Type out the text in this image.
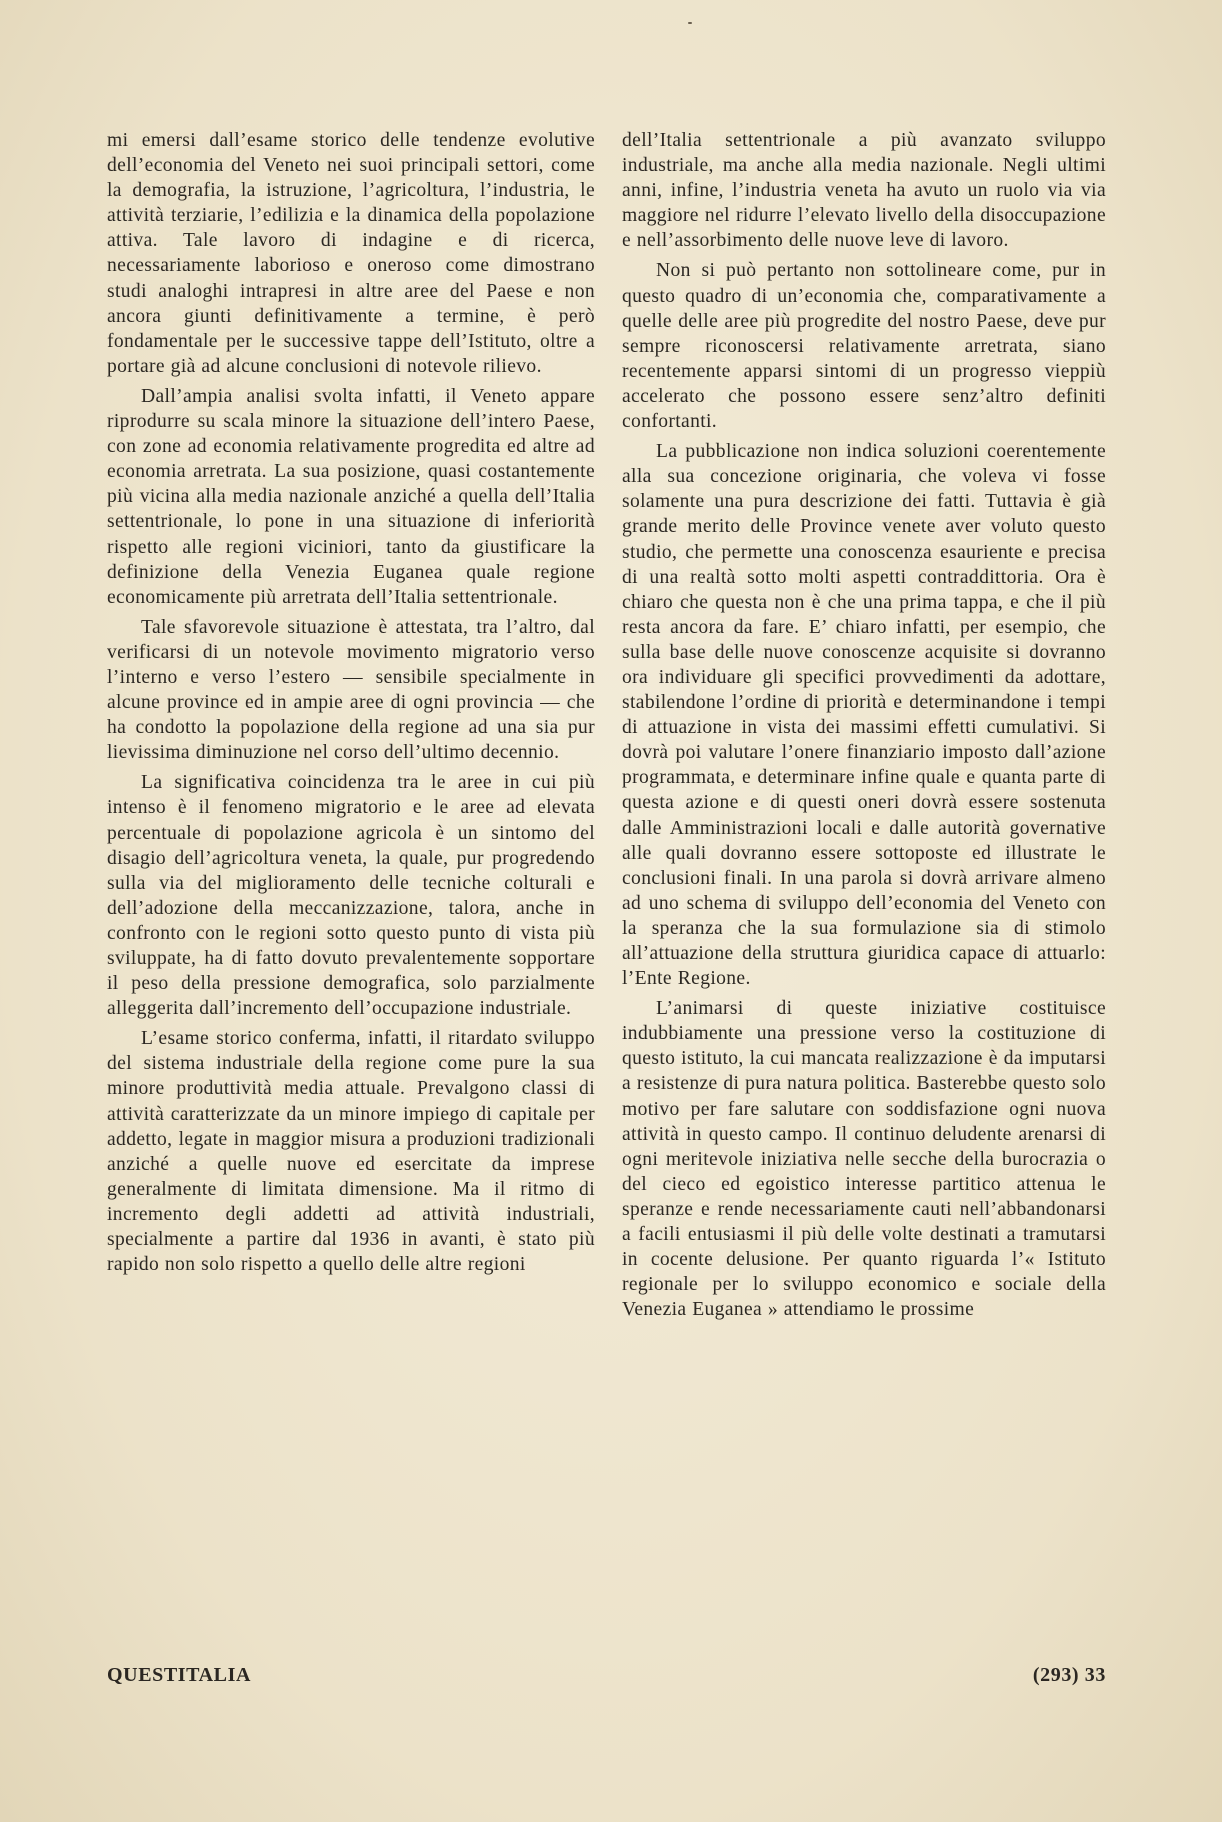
mi emersi dall’esame storico delle tendenze evolutive dell’economia del Veneto nei suoi principali settori, come la demografia, la istruzione, l’agricoltura, l’industria, le attività terziarie, l’edilizia e la dinamica della popolazione attiva. Tale lavoro di indagine e di ricerca, necessariamente laborioso e oneroso come dimostrano studi analoghi intrapresi in altre aree del Paese e non ancora giunti definitivamente a termine, è però fondamentale per le successive tappe dell’Istituto, oltre a portare già ad alcune conclusioni di notevole rilievo.

Dall’ampia analisi svolta infatti, il Veneto appare riprodurre su scala minore la situazione dell’intero Paese, con zone ad economia relativamente progredita ed altre ad economia arretrata. La sua posizione, quasi costantemente più vicina alla media nazionale anziché a quella dell’Italia settentrionale, lo pone in una situazione di inferiorità rispetto alle regioni viciniori, tanto da giustificare la definizione della Venezia Euganea quale regione economicamente più arretrata dell’Italia settentrionale.

Tale sfavorevole situazione è attestata, tra l’altro, dal verificarsi di un notevole movimento migratorio verso l’interno e verso l’estero — sensibile specialmente in alcune province ed in ampie aree di ogni provincia — che ha condotto la popolazione della regione ad una sia pur lievissima diminuzione nel corso dell’ultimo decennio.

La significativa coincidenza tra le aree in cui più intenso è il fenomeno migratorio e le aree ad elevata percentuale di popolazione agricola è un sintomo del disagio dell’agricoltura veneta, la quale, pur progredendo sulla via del miglioramento delle tecniche colturali e dell’adozione della meccanizzazione, talora, anche in confronto con le regioni sotto questo punto di vista più sviluppate, ha di fatto dovuto prevalentemente sopportare il peso della pressione demografica, solo parzialmente alleggerita dall’incremento dell’occupazione industriale.

L’esame storico conferma, infatti, il ritardato sviluppo del sistema industriale della regione come pure la sua minore produttività media attuale. Prevalgono classi di attività caratterizzate da un minore impiego di capitale per addetto, legate in maggior misura a produzioni tradizionali anziché a quelle nuove ed esercitate da imprese generalmente di limitata dimensione. Ma il ritmo di incremento degli addetti ad attività industriali, specialmente a partire dal 1936 in avanti, è stato più rapido non solo rispetto a quello delle altre regioni

dell’Italia settentrionale a più avanzato sviluppo industriale, ma anche alla media nazionale. Negli ultimi anni, infine, l’industria veneta ha avuto un ruolo via via maggiore nel ridurre l’elevato livello della disoccupazione e nell’assorbimento delle nuove leve di lavoro.

Non si può pertanto non sottolineare come, pur in questo quadro di un’economia che, comparativamente a quelle delle aree più progredite del nostro Paese, deve pur sempre riconoscersi relativamente arretrata, siano recentemente apparsi sintomi di un progresso vieppiù accelerato che possono essere senz’altro definiti confortanti.

La pubblicazione non indica soluzioni coerentemente alla sua concezione originaria, che voleva vi fosse solamente una pura descrizione dei fatti. Tuttavia è già grande merito delle Province venete aver voluto questo studio, che permette una conoscenza esauriente e precisa di una realtà sotto molti aspetti contraddittoria. Ora è chiaro che questa non è che una prima tappa, e che il più resta ancora da fare. E’ chiaro infatti, per esempio, che sulla base delle nuove conoscenze acquisite si dovranno ora individuare gli specifici provvedimenti da adottare, stabilendone l’ordine di priorità e determinandone i tempi di attuazione in vista dei massimi effetti cumulativi. Si dovrà poi valutare l’onere finanziario imposto dall’azione programmata, e determinare infine quale e quanta parte di questa azione e di questi oneri dovrà essere sostenuta dalle Amministrazioni locali e dalle autorità governative alle quali dovranno essere sottoposte ed illustrate le conclusioni finali. In una parola si dovrà arrivare almeno ad uno schema di sviluppo dell’economia del Veneto con la speranza che la sua formulazione sia di stimolo all’attuazione della struttura giuridica capace di attuarlo: l’Ente Regione.

L’animarsi di queste iniziative costituisce indubbiamente una pressione verso la costituzione di questo istituto, la cui mancata realizzazione è da imputarsi a resistenze di pura natura politica. Basterebbe questo solo motivo per fare salutare con soddisfazione ogni nuova attività in questo campo. Il continuo deludente arenarsi di ogni meritevole iniziativa nelle secche della burocrazia o del cieco ed egoistico interesse partitico attenua le speranze e rende necessariamente cauti nell’abbandonarsi a facili entusiasmi il più delle volte destinati a tramutarsi in cocente delusione. Per quanto riguarda l’« Istituto regionale per lo sviluppo economico e sociale della Venezia Euganea » attendiamo le prossime

QUESTITALIA	(293) 33
